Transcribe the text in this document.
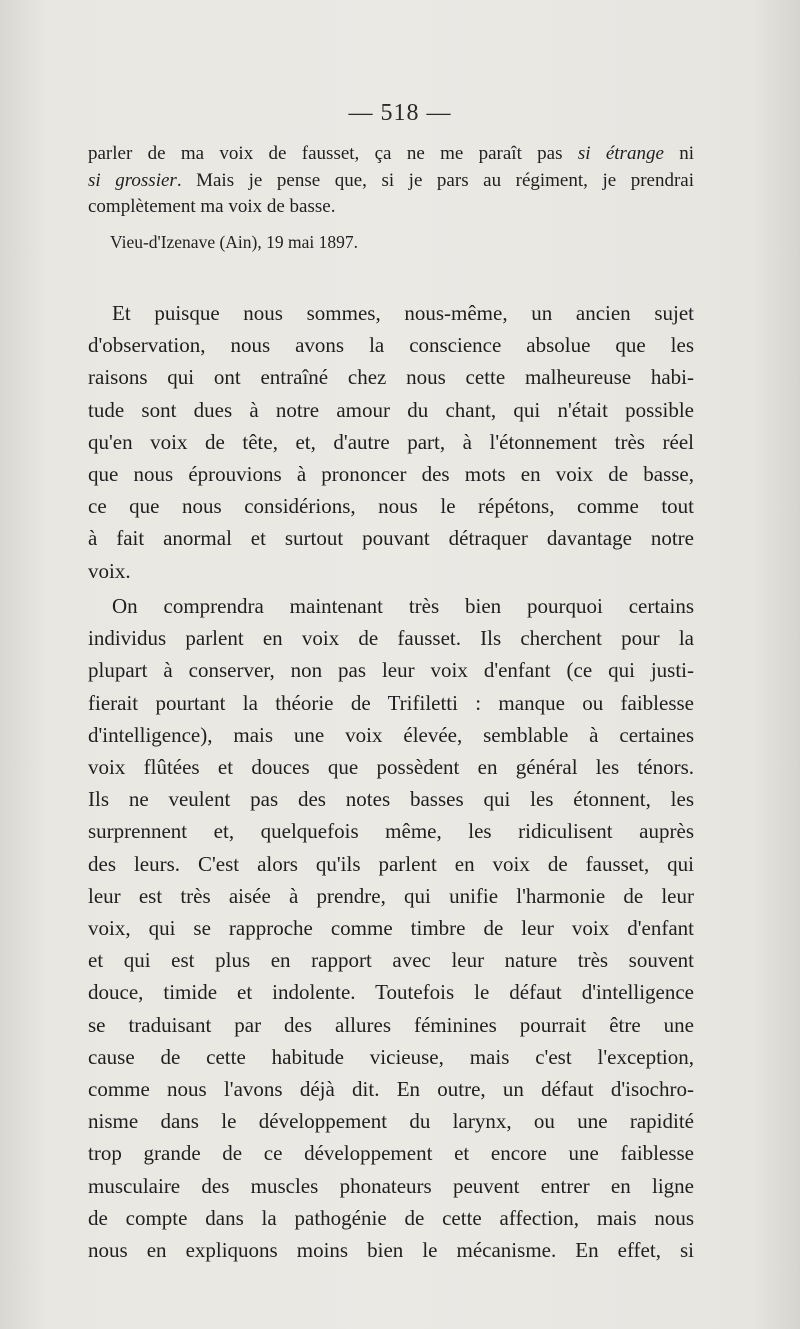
— 518 —
parler de ma voix de fausset, ça ne me paraît pas si étrange ni
si grossier. Mais je pense que, si je pars au régiment, je prendrai
complètement ma voix de basse.
Vieu-d'Izenave (Ain), 19 mai 1897.
Et puisque nous sommes, nous-même, un ancien sujet
d'observation, nous avons la conscience absolue que les
raisons qui ont entraîné chez nous cette malheureuse habi-
tude sont dues à notre amour du chant, qui n'était possible
qu'en voix de tête, et, d'autre part, à l'étonnement très réel
que nous éprouvions à prononcer des mots en voix de basse,
ce que nous considérions, nous le répétons, comme tout
à fait anormal et surtout pouvant détraquer davantage notre
voix.
On comprendra maintenant très bien pourquoi certains
individus parlent en voix de fausset. Ils cherchent pour la
plupart à conserver, non pas leur voix d'enfant (ce qui justi-
fierait pourtant la théorie de Trifiletti : manque ou faiblesse
d'intelligence), mais une voix élevée, semblable à certaines
voix flûtées et douces que possèdent en général les ténors.
Ils ne veulent pas des notes basses qui les étonnent, les
surprennent et, quelquefois même, les ridiculisent auprès
des leurs. C'est alors qu'ils parlent en voix de fausset, qui
leur est très aisée à prendre, qui unifie l'harmonie de leur
voix, qui se rapproche comme timbre de leur voix d'enfant
et qui est plus en rapport avec leur nature très souvent
douce, timide et indolente. Toutefois le défaut d'intelligence
se traduisant par des allures féminines pourrait être une
cause de cette habitude vicieuse, mais c'est l'exception,
comme nous l'avons déjà dit. En outre, un défaut d'isochro-
nisme dans le développement du larynx, ou une rapidité
trop grande de ce développement et encore une faiblesse
musculaire des muscles phonateurs peuvent entrer en ligne
de compte dans la pathogénie de cette affection, mais nous
nous en expliquons moins bien le mécanisme. En effet, si
